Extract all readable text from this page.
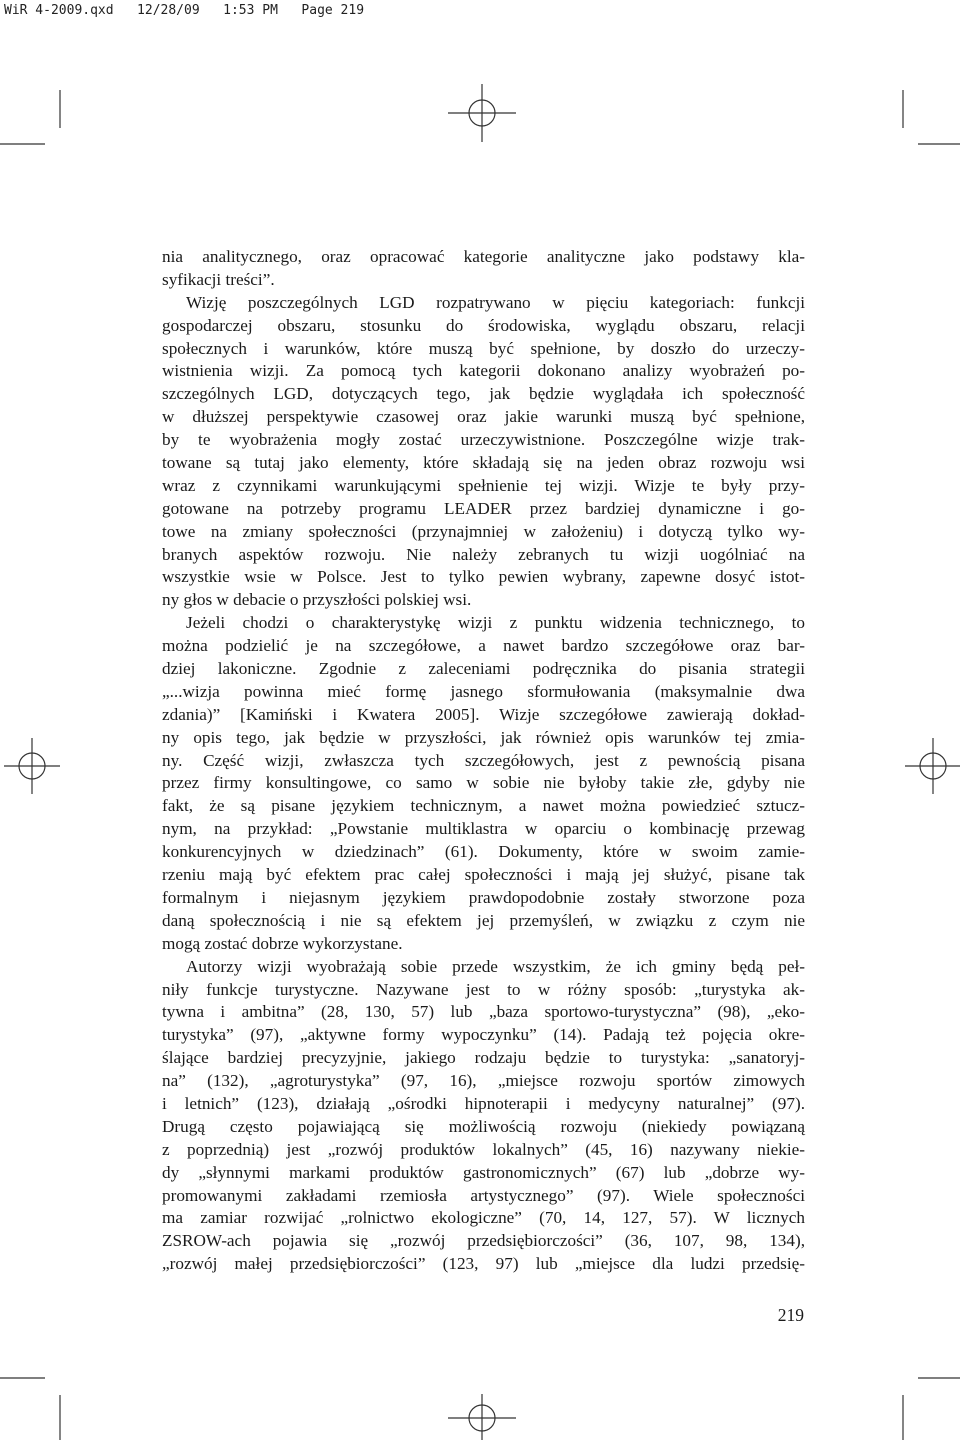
WiR 4-2009.qxd   12/28/09   1:53 PM   Page 219
nia analitycznego, oraz opracować kategorie analityczne jako podstawy kla-
syfikacji treści”.
Wizję poszczególnych LGD rozpatrywano w pięciu kategoriach: funkcji
gospodarczej obszaru, stosunku do środowiska, wyglądu obszaru, relacji
społecznych i warunków, które muszą być spełnione, by doszło do urzeczy-
wistnienia wizji. Za pomocą tych kategorii dokonano analizy wyobrażeń po-
szczególnych LGD, dotyczących tego, jak będzie wyglądała ich społeczność
w dłuższej perspektywie czasowej oraz jakie warunki muszą być spełnione,
by te wyobrażenia mogły zostać urzeczywistnione. Poszczególne wizje trak-
towane są tutaj jako elementy, które składają się na jeden obraz rozwoju wsi
wraz z czynnikami warunkującymi spełnienie tej wizji. Wizje te były przy-
gotowane na potrzeby programu LEADER przez bardziej dynamiczne i go-
towe na zmiany społeczności (przynajmniej w założeniu) i dotyczą tylko wy-
branych aspektów rozwoju. Nie należy zebranych tu wizji uogólniać na
wszystkie wsie w Polsce. Jest to tylko pewien wybrany, zapewne dosyć istot-
ny głos w debacie o przyszłości polskiej wsi.
Jeżeli chodzi o charakterystykę wizji z punktu widzenia technicznego, to
można podzielić je na szczegółowe, a nawet bardzo szczegółowe oraz bar-
dziej lakoniczne. Zgodnie z zaleceniami podręcznika do pisania strategii
„...wizja powinna mieć formę jasnego sformułowania (maksymalnie dwa
zdania)” [Kamiński i Kwatera 2005]. Wizje szczegółowe zawierają dokład-
ny opis tego, jak będzie w przyszłości, jak również opis warunków tej zmia-
ny. Część wizji, zwłaszcza tych szczegółowych, jest z pewnością pisana
przez firmy konsultingowe, co samo w sobie nie byłoby takie złe, gdyby nie
fakt, że są pisane językiem technicznym, a nawet można powiedzieć sztucz-
nym, na przykład: „Powstanie multiklastra w oparciu o kombinację przewag
konkurencyjnych w dziedzinach” (61). Dokumenty, które w swoim zamie-
rzeniu mają być efektem prac całej społeczności i mają jej służyć, pisane tak
formalnym i niejasnym językiem prawdopodobnie zostały stworzone poza
daną społecznością i nie są efektem jej przemyśleń, w związku z czym nie
mogą zostać dobrze wykorzystane.
Autorzy wizji wyobrażają sobie przede wszystkim, że ich gminy będą peł-
niły funkcje turystyczne. Nazywane jest to w różny sposób: „turystyka ak-
tywna i ambitna” (28, 130, 57) lub „baza sportowo-turystyczna” (98), „eko-
turystyka” (97), „aktywne formy wypoczynku” (14). Padają też pojęcia okre-
ślające bardziej precyzyjnie, jakiego rodzaju będzie to turystyka: „sanatoryj-
na” (132), „agroturystyka” (97, 16), „miejsce rozwoju sportów zimowych
i letnich” (123), działają „ośrodki hipnoterapii i medycyny naturalnej” (97).
Drugą często pojawiającą się możliwością rozwoju (niekiedy powiązaną
z poprzednią) jest „rozwój produktów lokalnych” (45, 16) nazywany niekie-
dy „słynnymi markami produktów gastronomicznych” (67) lub „dobrze wy-
promowanymi zakładami rzemiosła artystycznego” (97). Wiele społeczności
ma zamiar rozwijać „rolnictwo ekologiczne” (70, 14, 127, 57). W licznych
ZSROW-ach pojawia się „rozwój przedsiębiorczości” (36, 107, 98, 134),
„rozwój małej przedsiębiorczości” (123, 97) lub „miejsce dla ludzi przedsię-

219
